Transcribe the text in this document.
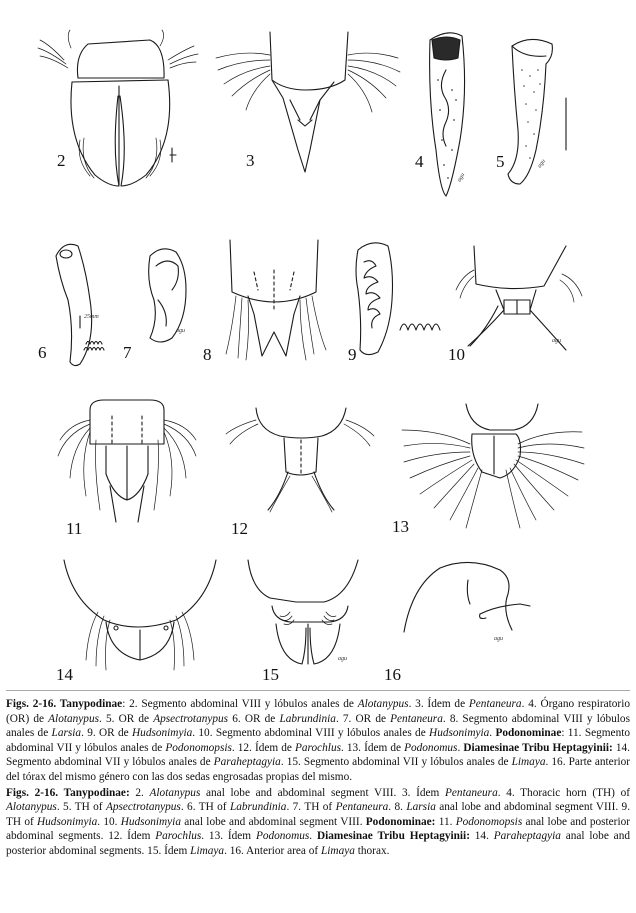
2	3
agu
4	agu
5
25mm
6
agu
7	8	9
agu
10
11	12	13
14
agu
15
agu
16

Figs. 2-16. Tanypodinae: 2. Segmento abdominal VIII y lóbulos anales de Alotanypus. 3. Ídem de Pentaneura. 4. Órgano respiratorio (OR) de Alotanypus. 5. OR de Apsectrotanypus 6. OR de Labrundinia. 7. OR de Pentaneura. 8. Segmento abdominal VIII y lóbulos anales de Larsia. 9. OR de Hudsonimyia. 10. Segmento abdominal VIII y lóbulos anales de Hudsonimyia. Podonominae: 11. Segmento abdominal VII y lóbulos anales de Podonomopsis. 12. Ídem de Parochlus. 13. Ídem de Podonomus. Diamesinae Tribu Heptagyinii: 14. Segmento abdominal VII y lóbulos anales de Paraheptagyia. 15. Segmento abdominal VII y lóbulos anales de Limaya. 16. Parte anterior del tórax del mismo género con las dos sedas engrosadas propias del mismo.

Figs. 2-16. Tanypodinae: 2. Alotanypus anal lobe and abdominal segment VIII. 3. Ídem Pentaneura. 4. Thoracic horn (TH) of Alotanypus. 5. TH of Apsectrotanypus. 6. TH of Labrundinia. 7. TH of Pentaneura. 8. Larsia anal lobe and abdominal segment VIII. 9. TH of Hudsonimyia. 10. Hudsonimyia anal lobe and abdominal segment VIII. Podonominae: 11. Podonomopsis anal lobe and posterior abdominal segments. 12. Ídem Parochlus. 13. Ídem Podonomus. Diamesinae Tribu Heptagyinii: 14. Paraheptagyia anal lobe and posterior abdominal segments. 15. Ídem Limaya. 16. Anterior area of Limaya thorax.
